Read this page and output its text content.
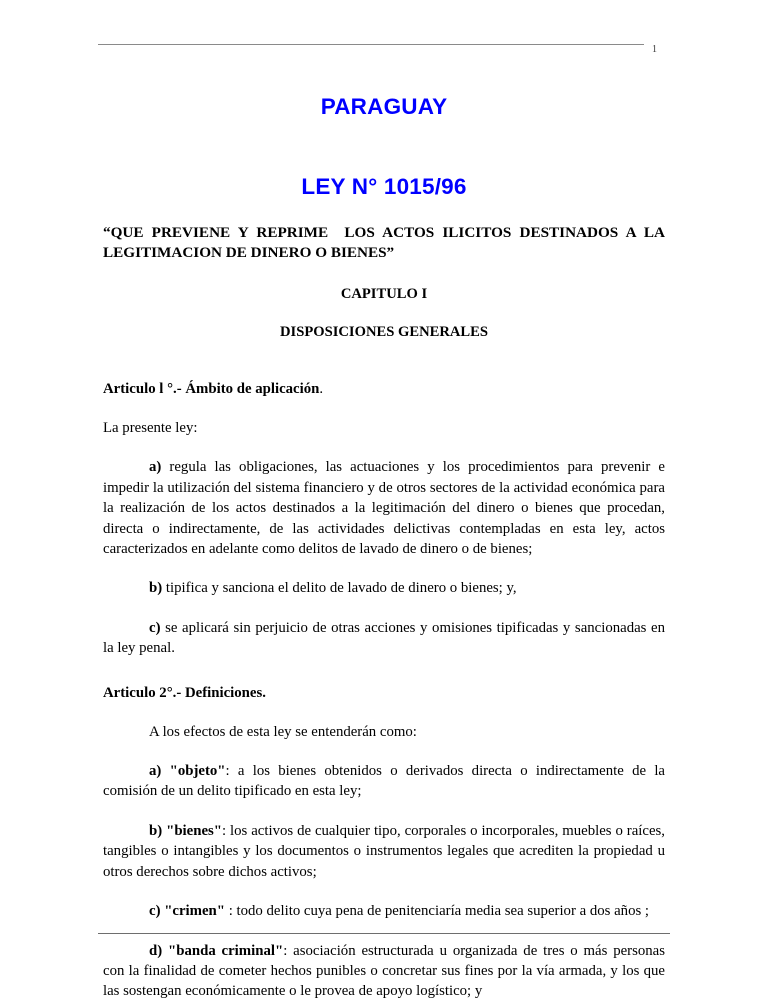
1
PARAGUAY
LEY N° 1015/96

“QUE PREVIENE Y REPRIME  LOS ACTOS ILICITOS DESTINADOS A LA LEGITIMACION DE DINERO O BIENES”

CAPITULO I

DISPOSICIONES GENERALES

Articulo l °.- Ámbito de aplicación.

La presente ley:

a) regula las obligaciones, las actuaciones y los procedimientos para prevenir e impedir la utilización del sistema financiero y de otros sectores de la actividad económica para la realización de los actos destinados a la legitimación del dinero o bienes que procedan, directa o indirectamente, de las actividades delictivas contempladas en esta ley, actos caracterizados en adelante como delitos de lavado de dinero o de bienes;

b) tipifica y sanciona el delito de lavado de dinero o bienes; y,

c) se aplicará sin perjuicio de otras acciones y omisiones tipificadas y sancionadas en la ley penal.

Articulo 2°.- Definiciones.

A los efectos de esta ley se entenderán como:

a) "objeto": a los bienes obtenidos o derivados directa o indirectamente de la comisión de un delito tipificado en esta ley;

b) "bienes": los activos de cualquier tipo, corporales o incorporales, muebles o raíces, tangibles o intangibles y los documentos o instrumentos legales que acrediten la propiedad u otros derechos sobre dichos activos;

c) "crimen" : todo delito cuya pena de penitenciaría media sea superior a dos años ;

d) "banda criminal": asociación estructurada u organizada de tres o más personas con la finalidad de cometer hechos punibles o concretar sus fines por la vía armada, y los que las sostengan económicamente o le provea de apoyo logístico; y
